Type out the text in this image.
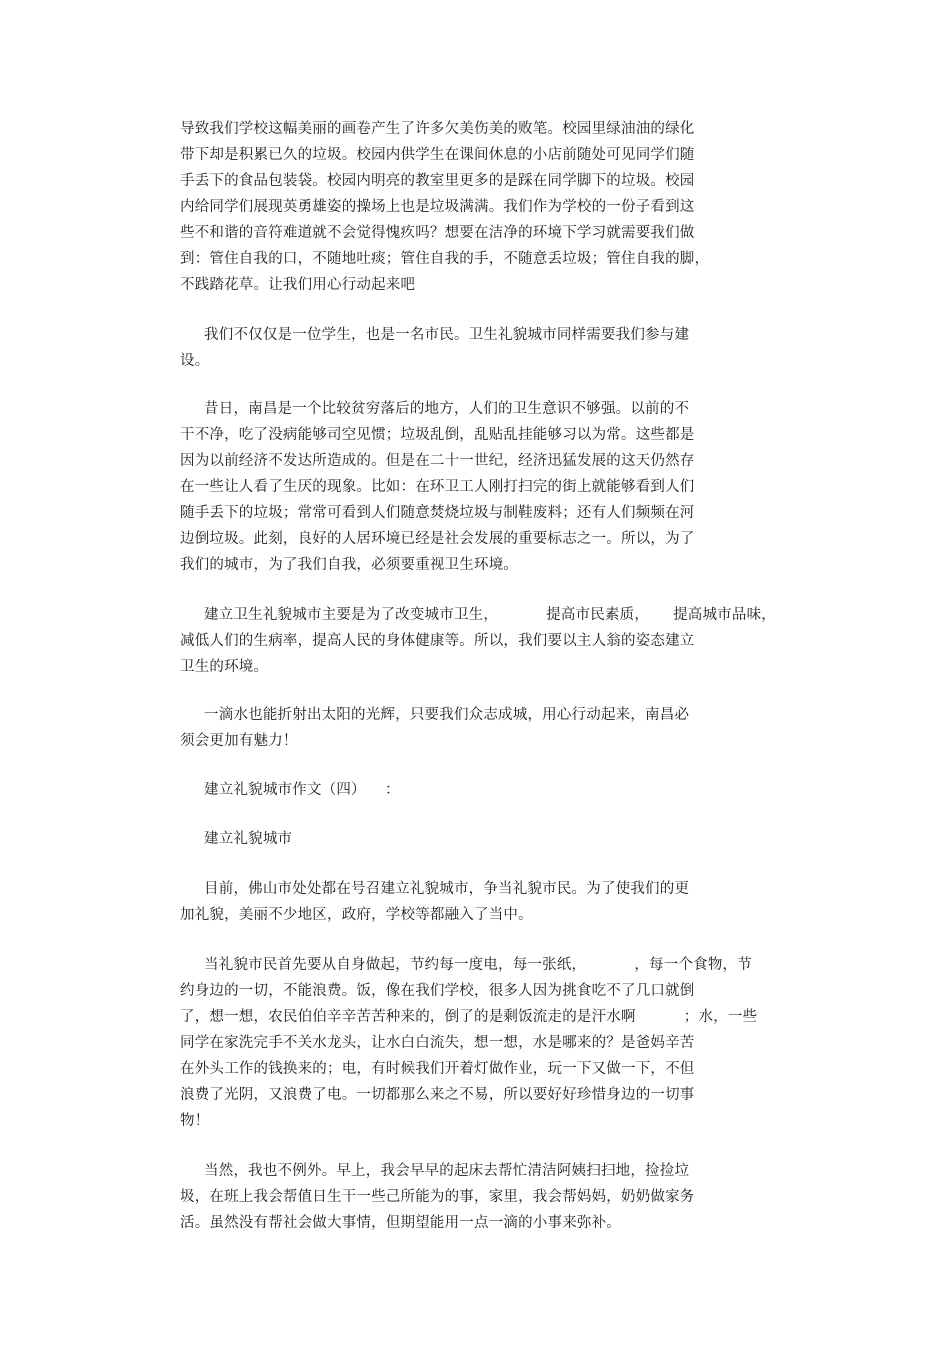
导致我们学校这幅美丽的画卷产生了许多欠美伤美的败笔。校园里绿油油的绿化
带下却是积累已久的垃圾。校园内供学生在课间休息的小店前随处可见同学们随
手丢下的食品包装袋。校园内明亮的教室里更多的是踩在同学脚下的垃圾。校园
内给同学们展现英勇雄姿的操场上也是垃圾满满。我们作为学校的一份子看到这
些不和谐的音符难道就不会觉得愧疚吗？想要在洁净的环境下学习就需要我们做
到：管住自我的口，不随地吐痰；管住自我的手，不随意丢垃圾；管住自我的脚，
不践踏花草。让我们用心行动起来吧
我们不仅仅是一位学生，也是一名市民。卫生礼貌城市同样需要我们参与建
设。
昔日，南昌是一个比较贫穷落后的地方，人们的卫生意识不够强。以前的不
干不净，吃了没病能够司空见惯；垃圾乱倒，乱贴乱挂能够习以为常。这些都是
因为以前经济不发达所造成的。但是在二十一世纪，经济迅猛发展的这天仍然存
在一些让人看了生厌的现象。比如：在环卫工人刚打扫完的街上就能够看到人们
随手丢下的垃圾；常常可看到人们随意焚烧垃圾与制鞋废料；还有人们频频在河
边倒垃圾。此刻，良好的人居环境已经是社会发展的重要标志之一。所以，为了
我们的城市，为了我们自我，必须要重视卫生环境。
建立卫生礼貌城市主要是为了改变城市卫生，          提高市民素质，     提高城市品味，
减低人们的生病率，提高人民的身体健康等。所以，我们要以主人翁的姿态建立
卫生的环境。
一滴水也能折射出太阳的光辉，只要我们众志成城，用心行动起来，南昌必
须会更加有魅力！
建立礼貌城市作文（四）    ：
建立礼貌城市
目前，佛山市处处都在号召建立礼貌城市，争当礼貌市民。为了使我们的更
加礼貌，美丽不少地区，政府，学校等都融入了当中。
当礼貌市民首先要从自身做起，节约每一度电，每一张纸，          ，每一个食物，节
约身边的一切，不能浪费。饭，像在我们学校，很多人因为挑食吃不了几口就倒
了，想一想，农民伯伯辛辛苦苦种来的，倒了的是剩饭流走的是汗水啊          ；水，一些
同学在家洗完手不关水龙头，让水白白流失，想一想，水是哪来的？是爸妈辛苦
在外头工作的钱换来的；电，有时候我们开着灯做作业，玩一下又做一下，不但
浪费了光阴，又浪费了电。一切都那么来之不易，所以要好好珍惜身边的一切事
物！
当然，我也不例外。早上，我会早早的起床去帮忙清洁阿姨扫扫地，捡捡垃
圾，在班上我会帮值日生干一些己所能为的事，家里，我会帮妈妈，奶奶做家务
活。虽然没有帮社会做大事情，但期望能用一点一滴的小事来弥补。
